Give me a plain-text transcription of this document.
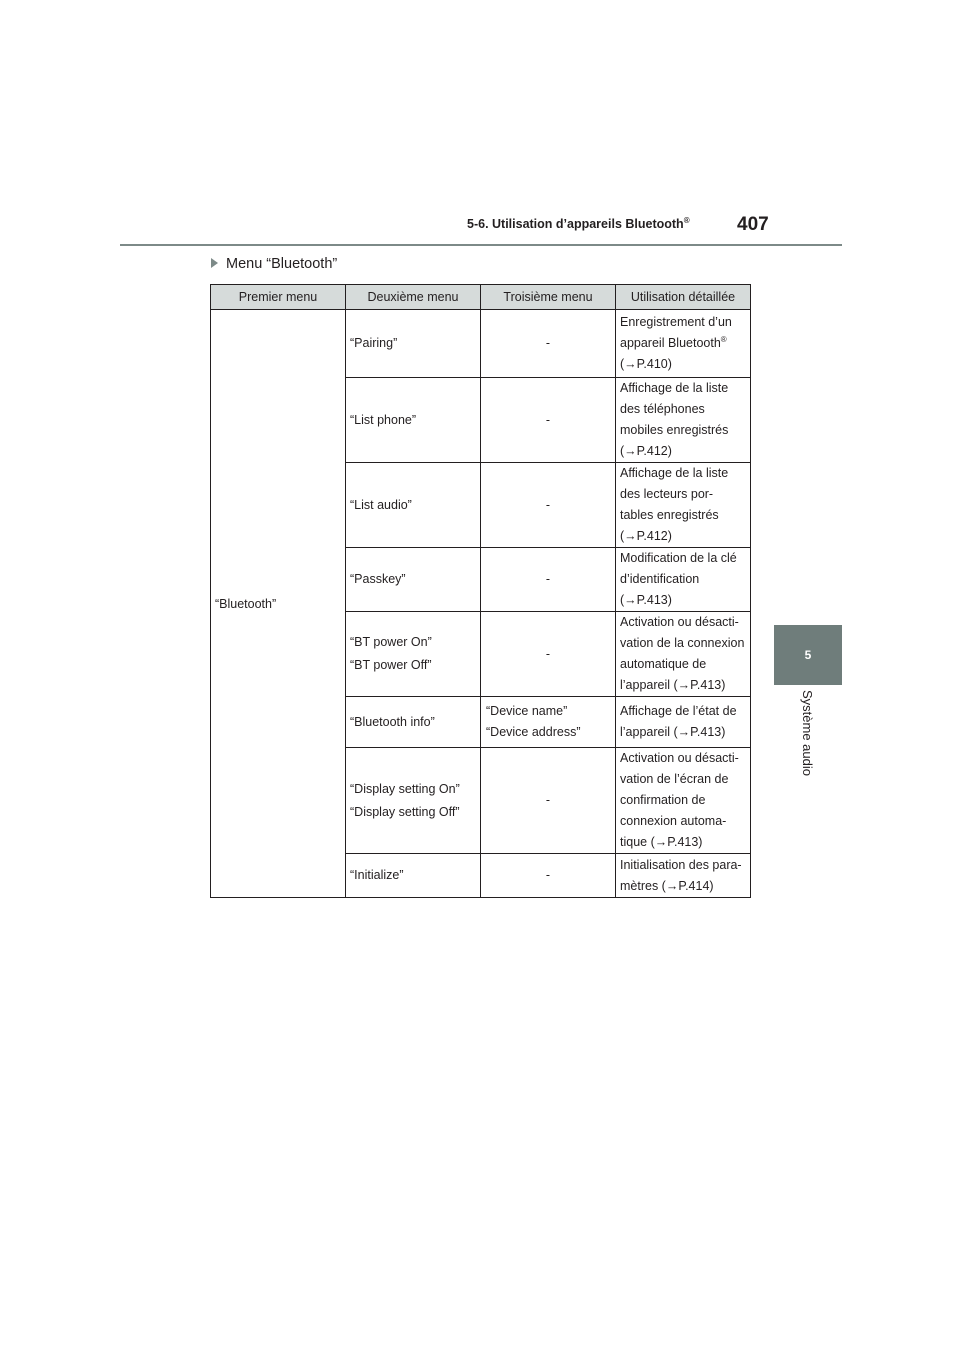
5-6. Utilisation d’appareils Bluetooth® 407
5
Système audio
Menu “Bluetooth”
Premier menu	Deuxième menu	Troisième menu	Utilisation détaillée
“Bluetooth”	“Pairing”	-	Enregistrement d’un
appareil Bluetooth®
(→P.410)

	“List phone”	-	Affichage de la liste
des téléphones
mobiles enregistrés
(→P.412)

	“List audio”	-	Affichage de la liste
des lecteurs por-
tables enregistrés
(→P.412)

	“Passkey”	-	Modification de la clé
d’identification
(→P.413)

	“BT power On”
“BT power Off”	-	Activation ou désacti-
vation de la connexion
automatique de
l’appareil (→P.413)

	“Bluetooth info”	“Device name”
“Device address”	Affichage de l’état de
l’appareil (→P.413)

	“Display setting On”
“Display setting Off”	-	Activation ou désacti-
vation de l’écran de
confirmation de
connexion automa-
tique (→P.413)

	“Initialize”	-	Initialisation des para-
mètres (→P.414)
